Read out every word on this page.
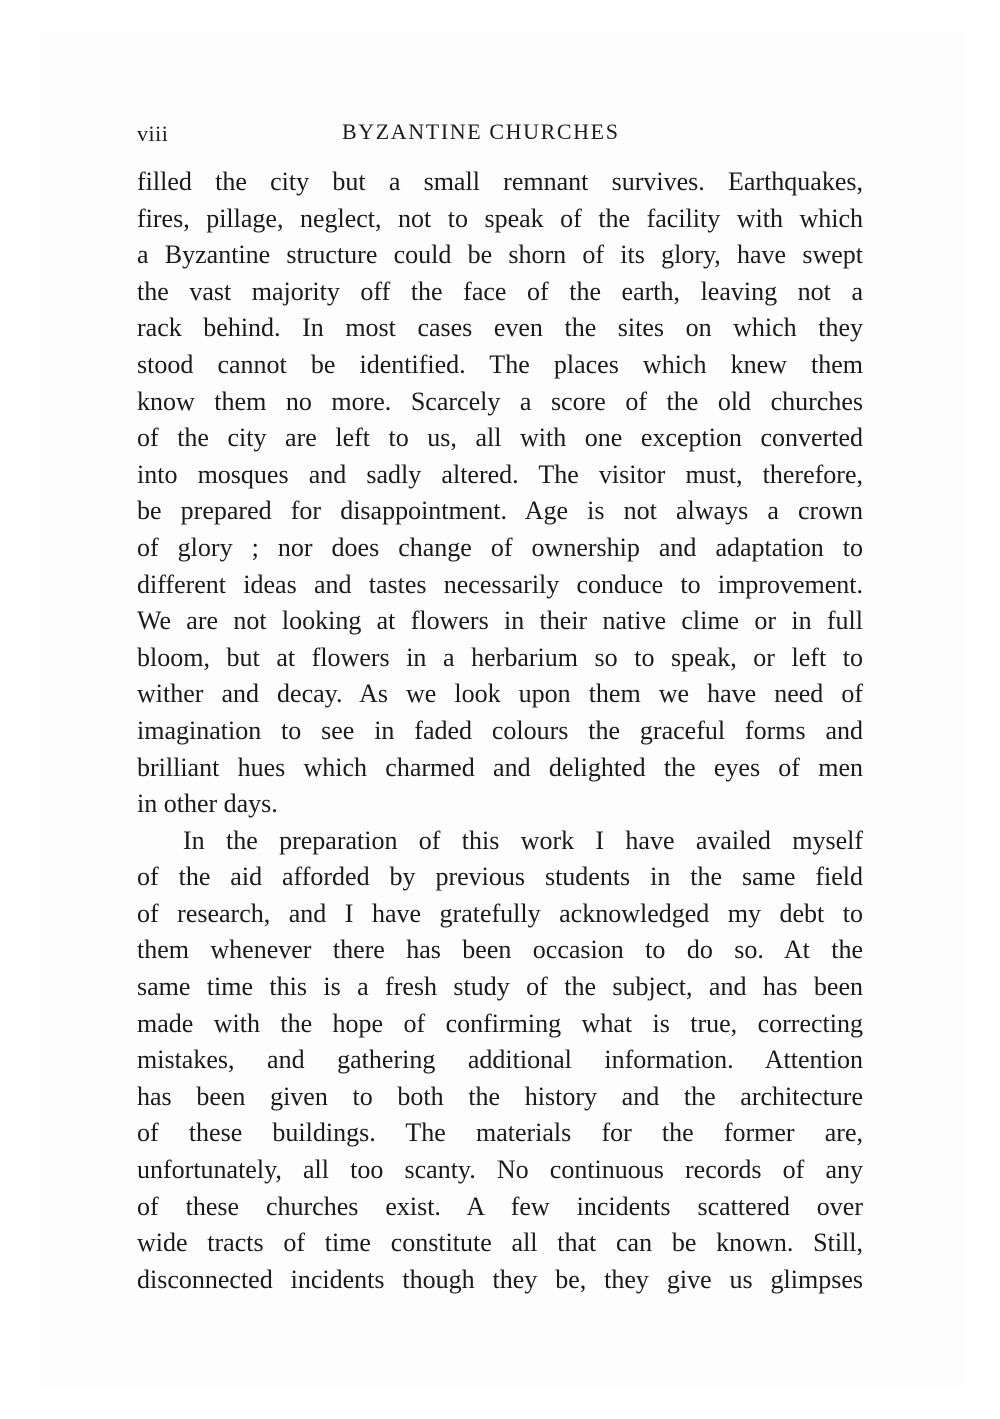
viii	BYZANTINE CHURCHES
filled the city but a small remnant survives. Earthquakes,
fires, pillage, neglect, not to speak of the facility with which
a Byzantine structure could be shorn of its glory, have swept
the vast majority off the face of the earth, leaving not a
rack behind. In most cases even the sites on which they
stood cannot be identified. The places which knew them
know them no more. Scarcely a score of the old churches
of the city are left to us, all with one exception converted
into mosques and sadly altered. The visitor must, therefore,
be prepared for disappointment. Age is not always a crown
of glory ; nor does change of ownership and adaptation to
different ideas and tastes necessarily conduce to improvement.
We are not looking at flowers in their native clime or in full
bloom, but at flowers in a herbarium so to speak, or left to
wither and decay. As we look upon them we have need of
imagination to see in faded colours the graceful forms and
brilliant hues which charmed and delighted the eyes of men
in other days.
In the preparation of this work I have availed myself
of the aid afforded by previous students in the same field
of research, and I have gratefully acknowledged my debt to
them whenever there has been occasion to do so. At the
same time this is a fresh study of the subject, and has been
made with the hope of confirming what is true, correcting
mistakes, and gathering additional information. Attention
has been given to both the history and the architecture
of these buildings. The materials for the former are,
unfortunately, all too scanty. No continuous records of any
of these churches exist. A few incidents scattered over
wide tracts of time constitute all that can be known. Still,
disconnected incidents though they be, they give us glimpses
